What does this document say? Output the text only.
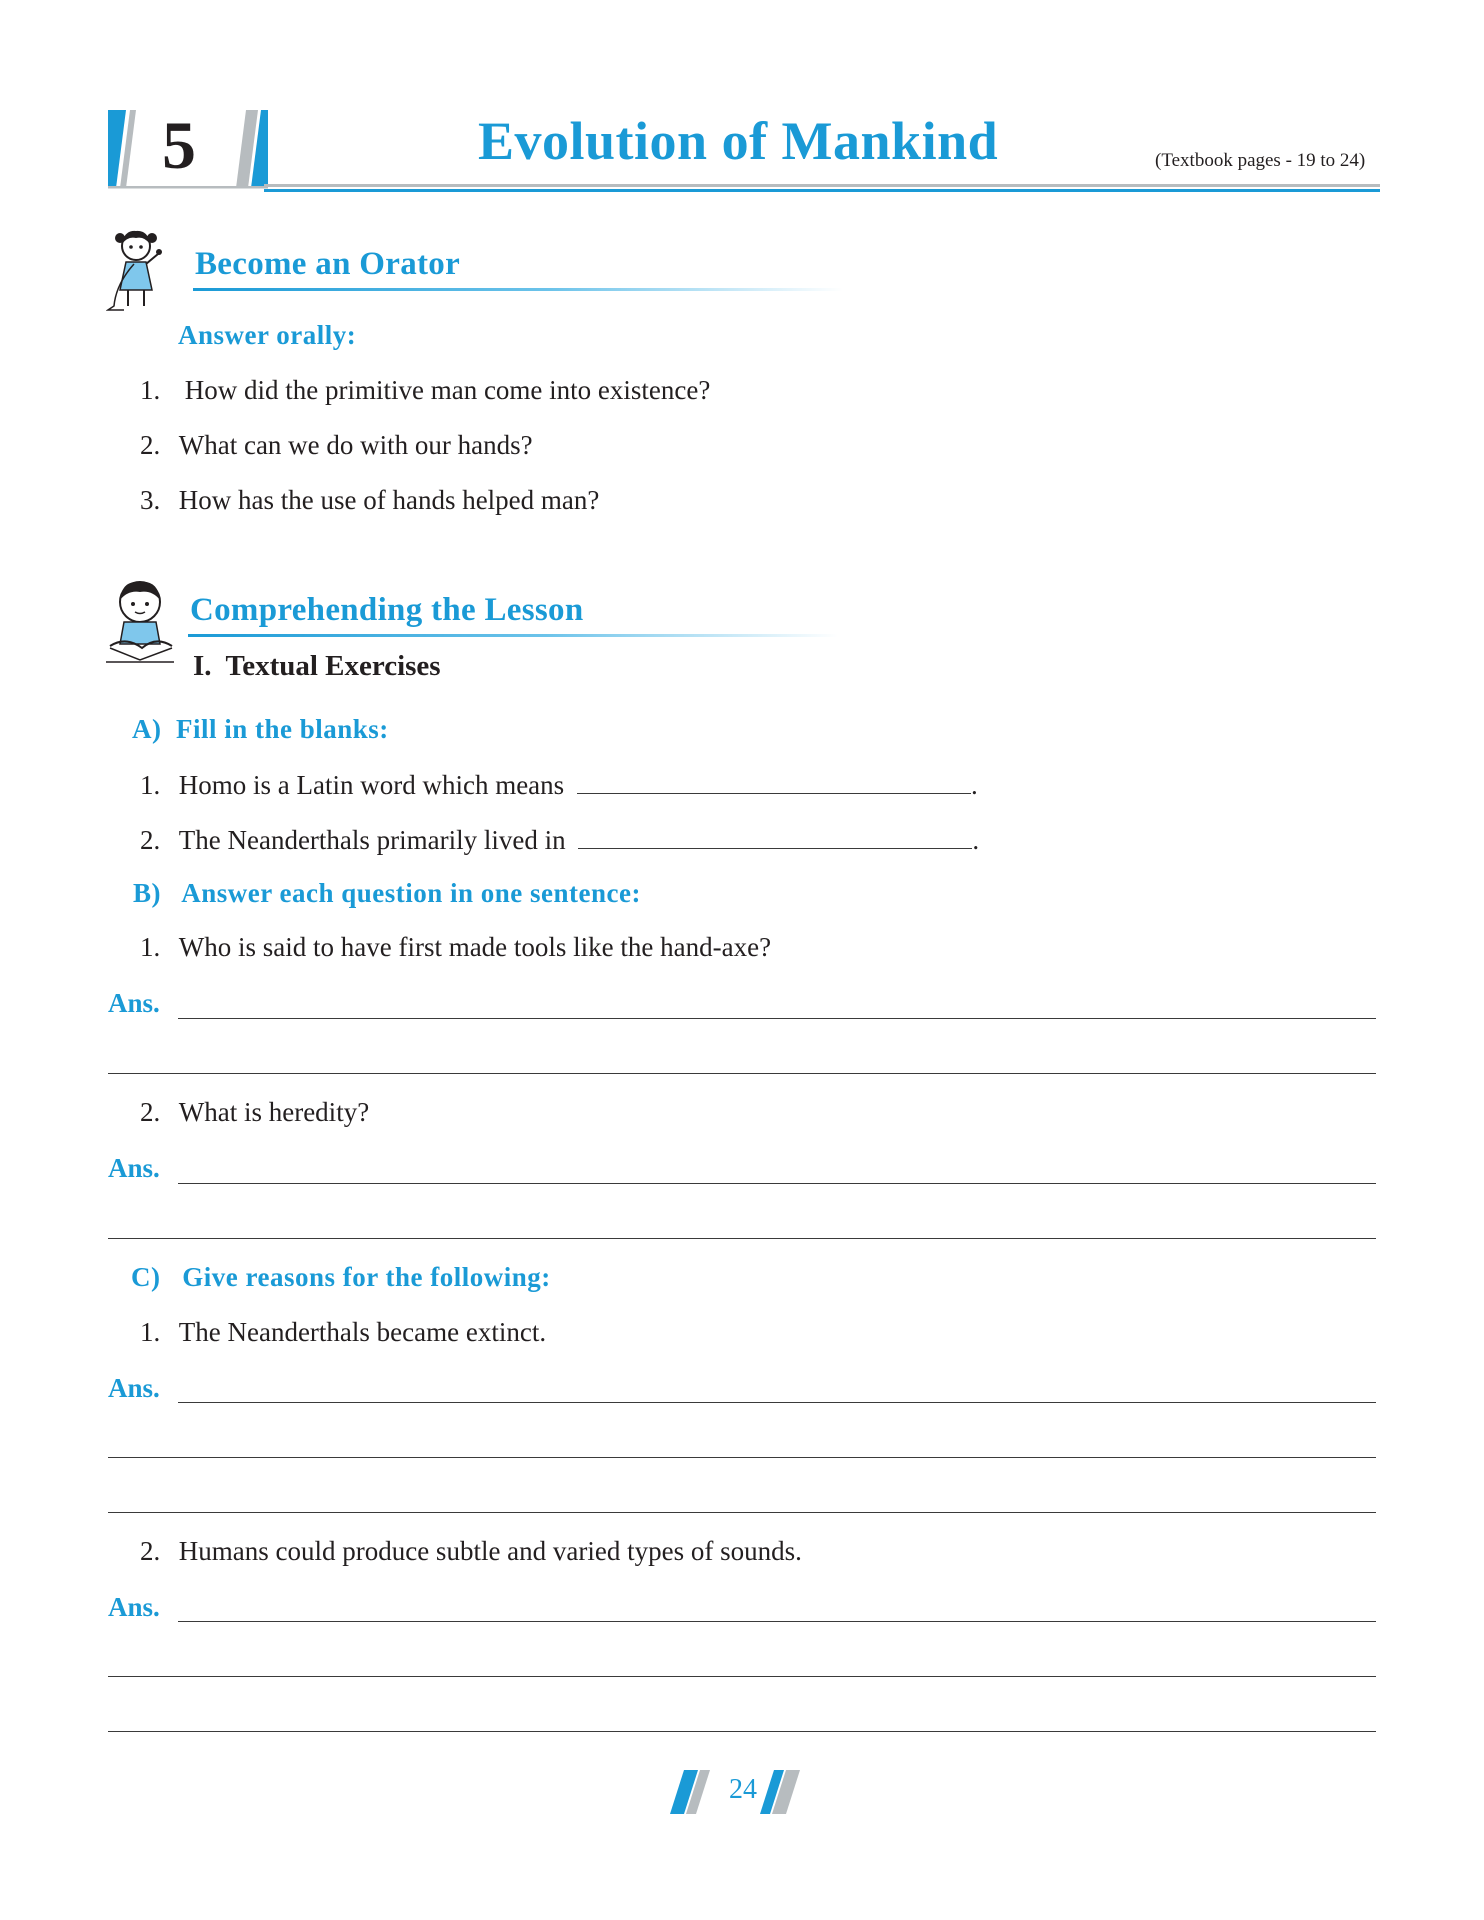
5	Evolution of Mankind	(Textbook pages - 19 to 24)
Become an Orator
Answer orally:
1. How did the primitive man come into existence?
2. What can we do with our hands?
3. How has the use of hands helped man?
Comprehending the Lesson
I.  Textual Exercises
A)  Fill in the blanks:
1. Homo is a Latin word which means	.
2. The Neanderthals primarily lived in	.
B)   Answer each question in one sentence:
1. Who is said to have first made tools like the hand-axe?
Ans.
2. What is heredity?
Ans.
C)   Give reasons for the following:
1. The Neanderthals became extinct.
Ans.
2. Humans could produce subtle and varied types of sounds.
Ans.
24
